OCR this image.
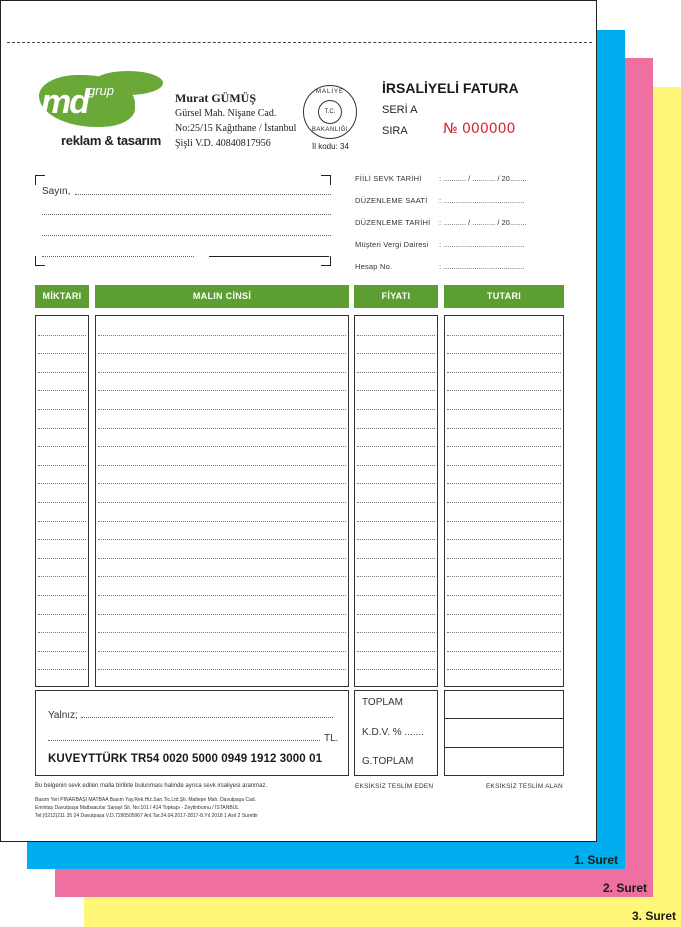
1. Suret
2. Suret
3. Suret
md grup
reklam & tasarım
Murat GÜMÜŞ
Gürsel Mah. Nişane Cad.
No:25/15 Kağıthane / İstanbul
Şişli V.D. 40840817956
MALİYE
T.C.
BAKANLIĞI
İl kodu: 34
İRSALİYELİ FATURA
SERİ A
SIRA	№ 000000
Sayın,
FİİLİ SEVK TARİHİ : ........... / ........... / 20........
DÜZENLEME SAATİ : .......................................
DÜZENLEME TARİHİ : ........... / ........... / 20........
Müşteri Vergi Dairesi : .......................................
Hesap No.	: .......................................
MİKTARI	MALIN CİNSİ	FİYATI	TUTARI
Yalnız;
TL.
KUVEYTTÜRK TR54 0020 5000 0949 1912 3000 01
TOPLAM
K.D.V. % .......
G.TOPLAM
Bu belgenin sevk edilen malla birlikte bulunması halinde ayrıca sevk irsaliyesi aranmaz.	EKSİKSİZ TESLİM EDEN	EKSİKSİZ TESLİM ALAN
Basım Yeri PINARBAŞI MATBAA Basım Yay.Rek.Hiz.San.Tic.Ltd.Şti. Maltepe Mah. Davutpaşa Cad.
Emintaş Davutpaşa Matbaacılar Sanayi Sit. No:101 / 414 Topkapı - Zeytinburnu / İSTANBUL
Tel:(0212)211 35 24 Davutpaşa V.D.7290505967 Anl.Tar.24.04.2017-2817-8.Yıl 2018 1 Asıl 2 Surettir
